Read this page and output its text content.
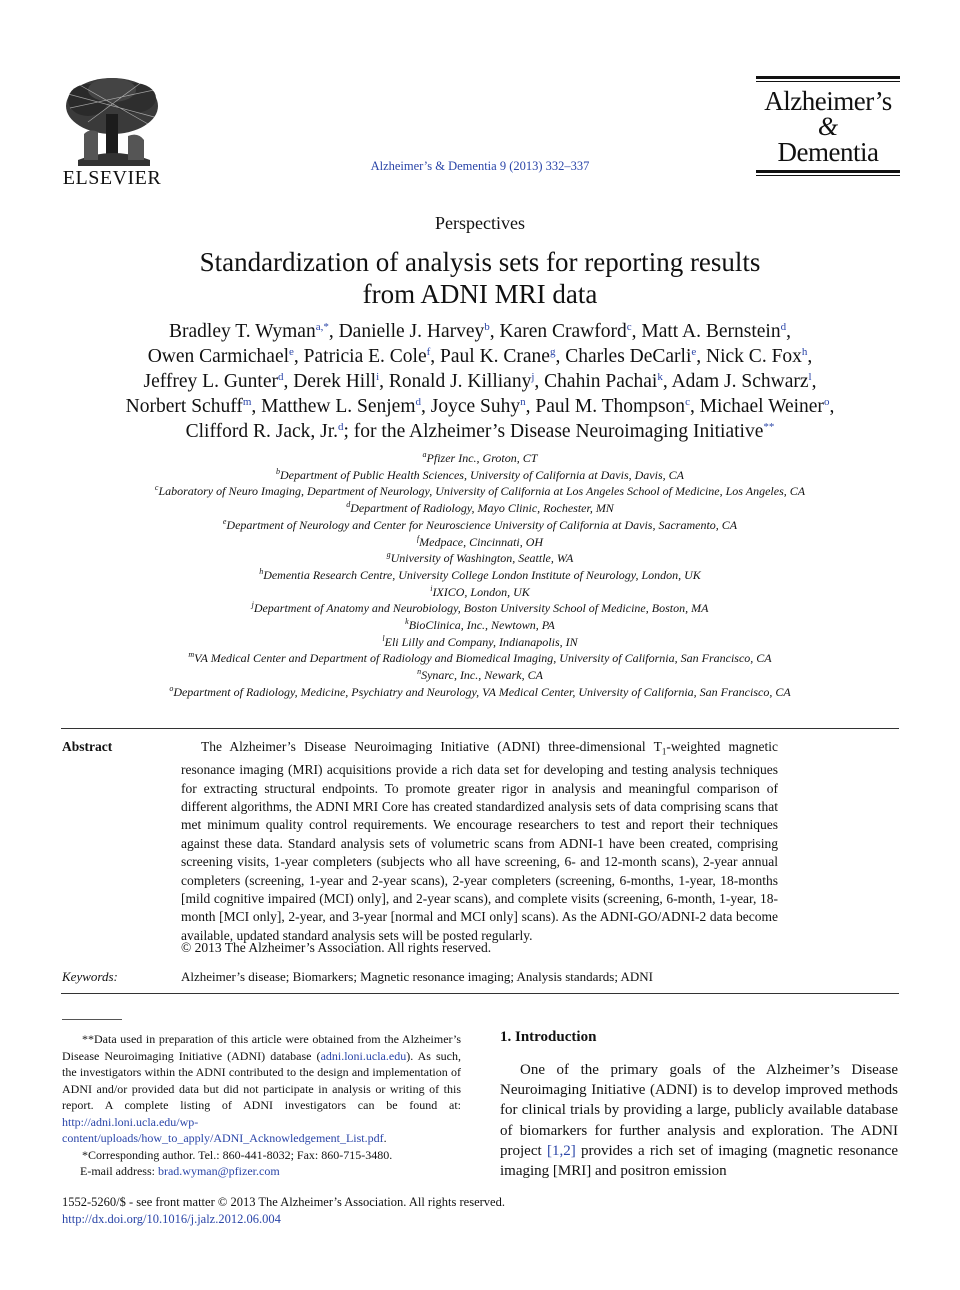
ELSEVIER
Alzheimer’s & Dementia 9 (2013) 332–337
Alzheimer’s
&
Dementia
Perspectives
Standardization of analysis sets for reporting results
from ADNI MRI data
Bradley T. Wyman$^{a,*}$, Danielle J. Harvey$^b$, Karen Crawford$^c$, Matt A. Bernstein$^d$,
Owen Carmichael$^e$, Patricia E. Cole$^f$, Paul K. Crane$^g$, Charles DeCarli$^e$, Nick C. Fox$^h$,
Jeffrey L. Gunter$^d$, Derek Hill$^i$, Ronald J. Killiany$^j$, Chahin Pachai$^k$, Adam J. Schwarz$^l$,
Norbert Schuff$^m$, Matthew L. Senjem$^d$, Joyce Suhy$^n$, Paul M. Thompson$^c$, Michael Weiner$^o$,
Clifford R. Jack, Jr.$^d$; for the Alzheimer’s Disease Neuroimaging Initiative**
$^a$Pfizer Inc., Groton, CT
$^b$Department of Public Health Sciences, University of California at Davis, Davis, CA
$^c$Laboratory of Neuro Imaging, Department of Neurology, University of California at Los Angeles School of Medicine, Los Angeles, CA
$^d$Department of Radiology, Mayo Clinic, Rochester, MN
$^e$Department of Neurology and Center for Neuroscience University of California at Davis, Sacramento, CA
$^f$Medpace, Cincinnati, OH
$^g$University of Washington, Seattle, WA
$^h$Dementia Research Centre, University College London Institute of Neurology, London, UK
$^i$IXICO, London, UK
$^j$Department of Anatomy and Neurobiology, Boston University School of Medicine, Boston, MA
$^k$BioClinica, Inc., Newtown, PA
$^l$Eli Lilly and Company, Indianapolis, IN
$^m$VA Medical Center and Department of Radiology and Biomedical Imaging, University of California, San Francisco, CA
$^n$Synarc, Inc., Newark, CA
$^o$Department of Radiology, Medicine, Psychiatry and Neurology, VA Medical Center, University of California, San Francisco, CA
Abstract	The Alzheimer’s Disease Neuroimaging Initiative (ADNI) three-dimensional $T_1$-weighted magnetic resonance imaging (MRI) acquisitions provide a rich data set for developing and testing analysis techniques for extracting structural endpoints. To promote greater rigor in analysis and meaningful comparison of different algorithms, the ADNI MRI Core has created standardized analysis sets of data comprising scans that met minimum quality control requirements. We encourage researchers to test and report their techniques against these data. Standard analysis sets of volumetric scans from ADNI-1 have been created, comprising screening visits, 1-year completers (subjects who all have screening, 6- and 12-month scans), 2-year annual completers (screening, 1-year and 2-year scans), 2-year completers (screening, 6-months, 1-year, 18-months [mild cognitive impaired (MCI) only], and 2-year scans), and complete visits (screening, 6-month, 1-year, 18-month [MCI only], 2-year, and 3-year [normal and MCI only] scans). As the ADNI-GO/ADNI-2 data become available, updated standard analysis sets will be posted regularly.
© 2013 The Alzheimer’s Association. All rights reserved.
Keywords:	Alzheimer’s disease; Biomarkers; Magnetic resonance imaging; Analysis standards; ADNI

**Data used in preparation of this article were obtained from the Alzheimer’s Disease Neuroimaging Initiative (ADNI) database (adni.loni.ucla.edu). As such, the investigators within the ADNI contributed to the design and implementation of ADNI and/or provided data but did not participate in analysis or writing of this report. A complete listing of ADNI investigators can be found at: http://adni.loni.ucla.edu/wp-content/uploads/how_to_apply/ADNI_Acknowledgement_List.pdf.

*Corresponding author. Tel.: 860-441-8032; Fax: 860-715-3480.

E-mail address: brad.wyman@pfizer.com

1. Introduction
One of the primary goals of the Alzheimer’s Disease Neuroimaging Initiative (ADNI) is to develop improved methods for clinical trials by providing a large, publicly available database of biomarkers for further analysis and exploration. The ADNI project [1,2] provides a rich set of imaging (magnetic resonance imaging [MRI] and positron emission
1552-5260/$ - see front matter © 2013 The Alzheimer’s Association. All rights reserved.
http://dx.doi.org/10.1016/j.jalz.2012.06.004
